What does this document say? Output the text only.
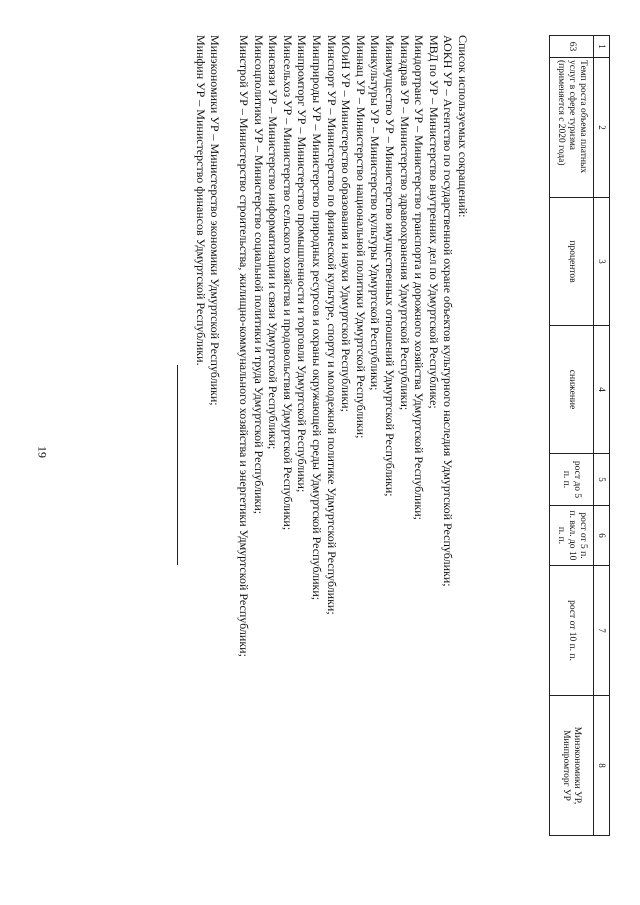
19
1	2	3	4	5	6	7	8
63	Темп роста объема платных услуг в сфере туризма (применяется с 2020 года)	процентов	снижение	рост до 5 п. п.	рост от 5 п. п. вкл. до 10 п. п.	рост от 10 п. п.	Минэкономики УР, Минпромторг УР
Список используемых сокращений:
АОКН УР – Агентство по государственной охране объектов культурного наследия Удмуртской Республики;
МВД по УР – Министерство внутренних дел по Удмуртской Республике;
Миндортранс УР – Министерство транспорта и дорожного хозяйства Удмуртской Республики;
Минздрав УР – Министерство здравоохранения Удмуртской Республики;
Минимущество УР – Министерство имущественных отношений Удмуртской Республики;
Минкультуры УР – Министерство культуры Удмуртской Республики;
Миннац УР – Министерство национальной политики Удмуртской Республики;
МОиН УР – Министерство образования и науки Удмуртской Республики;
Минспорт УР – Министерство по физической культуре, спорту и молодежной политике Удмуртской Республики;
Минприроды УР – Министерство природных ресурсов и охраны окружающей среды Удмуртской Республики;
Минпромторг УР – Министерство промышленности и торговли Удмуртской Республики;
Минсельхоз УР – Министерство сельского хозяйства и продовольствия Удмуртской Республики;
Минсвязи УР – Министерство информатизации и связи Удмуртской Республики;
Минсоцполитики УР – Министерство социальной политики и труда Удмуртской Республики;
Минстрой УР – Министерство строительства, жилищно-коммунального хозяйства и энергетики Удмуртской Республики;
Минэкономики УР – Министерство экономики Удмуртской Республики;
Минфин УР – Министерство финансов Удмуртской Республики.
